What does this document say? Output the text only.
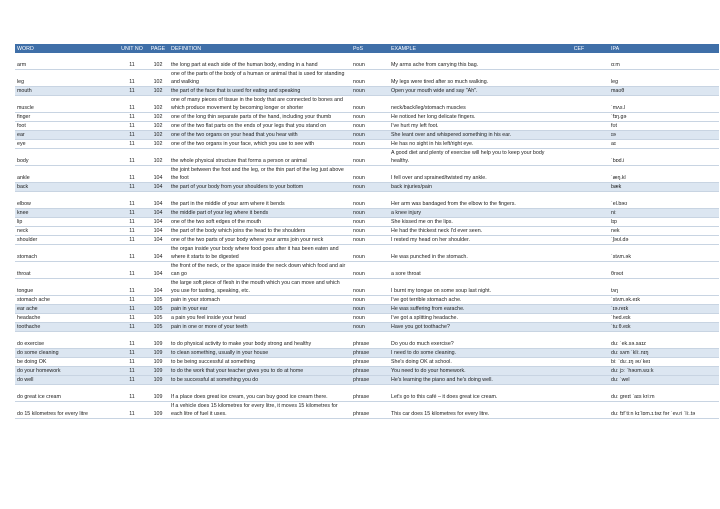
WORD	UNIT NO	PAGE	DEFINITION	PoS	EXAMPLE	CEF	IPA

arm	11	102	the long part at each side of the human body, ending in a hand	noun	My arms ache from carrying this bag.		ɑːm
leg	11	102	one of the parts of the body of a human or animal that is used for standing and walking	noun	My legs were tired after so much walking.		leg
mouth	11	102	the part of the face that is used for eating and speaking	noun	Open your mouth wide and say "Ah".		maʊθ
muscle	11	102	one of many pieces of tissue in the body that are connected to bones and which produce movement by becoming longer or shorter	noun	neck/back/leg/stomach muscles		ˈmʌs.l
finger	11	102	one of the long thin separate parts of the hand, including your thumb	noun	He noticed her long delicate fingers.		ˈfɪŋ.gə
foot	11	102	one of the two flat parts on the ends of your legs that you stand on	noun	I've hurt my left foot.		fʊt
ear	11	102	one of the two organs on your head that you hear with	noun	She leant over and whispered something in his ear.		ɪə
eye	11	102	one of the two organs in your face, which you use to see with	noun	He has no sight in his left/right eye.		aɪ
body	11	102	the whole physical structure that forms a person or animal	noun	A good diet and plenty of exercise will help you to keep your body healthy.		ˈbɒd.i
ankle	11	104	the joint between the foot and the leg, or the thin part of the leg just above the foot	noun	I fell over and sprained/twisted my ankle.		ˈæŋ.kl
back	11	104	the part of your body from your shoulders to your bottom	noun	back injuries/pain		bæk

elbow	11	104	the part in the middle of your arm where it bends	noun	Her arm was bandaged from the elbow to the fingers.		ˈel.bəʊ
knee	11	104	the middle part of your leg where it bends	noun	a knee injury		niː
lip	11	104	one of the two soft edges of the mouth	noun	She kissed me on the lips.		lɪp
neck	11	104	the part of the body which joins the head to the shoulders	noun	He had the thickest neck I'd ever seen.		nek
shoulder	11	104	one of the two parts of your body where your arms join your neck	noun	I rested my head on her shoulder.		ˈʃəʊl.də
stomach	11	104	the organ inside your body where food goes after it has been eaten and where it starts to be digested	noun	He was punched in the stomach.		ˈstʌm.ək
throat	11	104	the front of the neck, or the space inside the neck down which food and air can go	noun	a sore throat		θrəʊt
tongue	11	104	the large soft piece of flesh in the mouth which you can move and which you use for tasting, speaking, etc.	noun	I burnt my tongue on some soup last night.		tʌŋ
stomach ache	11	105	pain in your stomach	noun	I've got terrible stomach ache.		ˈstʌm.ək.eɪk
ear ache	11	105	pain in your ear	noun	He was suffering from earache.		ˈɪə.reɪk
headache	11	105	a pain you feel inside your head	noun	I've got a splitting headache.		ˈhed.eɪk
toothache	11	105	pain in one or more of your teeth	noun	Have you got toothache?		ˈtuːθ.eɪk

do exercise	11	109	to do physical activity to make your body strong and healthy	phrase	Do you do much exercise?		duː ˈek.sə.saɪz
do some cleaning	11	109	to clean something, usually in your house	phrase	I need to do some cleaning.		duː sʌm ˈkliː.nɪŋ
be doing OK	11	109	to be being successful at something	phrase	She's doing OK at school.		biː ˈduː.ɪŋ əʊˈkeɪ
do your homework	11	109	to do the work that your teacher gives you to do at home	phrase	You need to do your homework.		duː jɔː ˈhəʊm.wɜːk
do well	11	109	to be successful at something you do	phrase	He's learning the piano and he's doing well.		duː ˈwel

do great ice cream	11	109	If a place does great ice cream, you can buy good ice cream there.	phrase	Let's go to this café – it does great ice cream.		duː greɪt ˈaɪs kriːm
do 15 kilometres for every litre	11	109	If a vehicle does 15 kilometres for every litre, it moves 15 kilometres for each litre of fuel it uses.	phrase	This car does 15 kilometres for every litre.		duː fɪfˈtiːn kɪˈlɒm.ɪ.təz fər ˈev.ri ˈliː.tə
